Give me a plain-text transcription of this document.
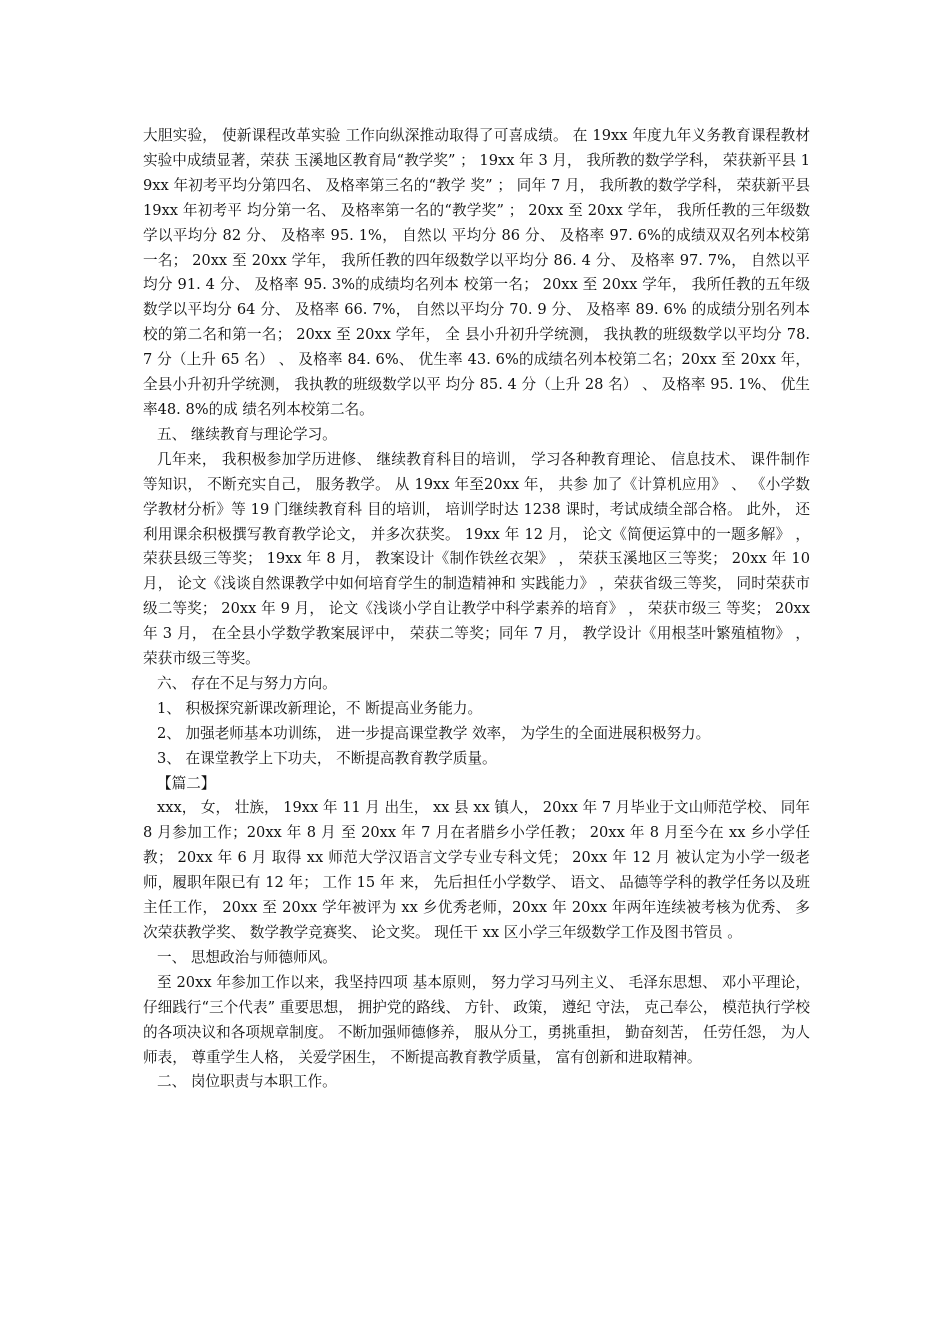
大胆实验， 使新课程改革实验 工作向纵深推动取得了可喜成绩。 在 19xx 年度九年义务教育课程教材实验中成绩显著，荣获 玉溪地区教育局“教学奖” ； 19xx 年 3 月， 我所教的数学学科， 荣获新平县 19xx 年初考平均分第四名、 及格率第三名的“教学 奖” ； 同年 7 月， 我所教的数学学科， 荣获新平县 19xx 年初考平 均分第一名、 及格率第一名的“教学奖” ； 20xx 至 20xx 学年， 我所任教的三年级数学以平均分 82 分、 及格率 95. 1%， 自然以 平均分 86 分、 及格率 97. 6%的成绩双双名列本校第一名； 20xx 至 20xx 学年， 我所任教的四年级数学以平均分 86. 4 分、 及格率 97. 7%， 自然以平均分 91. 4 分、 及格率 95. 3%的成绩均名列本 校第一名； 20xx 至 20xx 学年， 我所任教的五年级数学以平均分 64 分、 及格率 66. 7%， 自然以平均分 70. 9 分、 及格率 89. 6% 的成绩分别名列本校的第二名和第一名； 20xx 至 20xx 学年， 全 县小升初升学统测， 我执教的班级数学以平均分 78. 7 分（上升 65 名） 、 及格率 84. 6%、 优生率 43. 6%的成绩名列本校第二名；20xx 至 20xx 年， 全县小升初升学统测， 我执教的班级数学以平 均分 85. 4 分（上升 28 名） 、 及格率 95. 1%、 优生率48. 8%的成 绩名列本校第二名。

五、 继续教育与理论学习。

几年来， 我积极参加学历进修、 继续教育科目的培训， 学习各种教育理论、 信息技术、 课件制作 等知识， 不断充实自己， 服务教学。 从 19xx 年至20xx 年， 共参 加了《计算机应用》 、 《小学数学教材分析》等 19 门继续教育科 目的培训， 培训学时达 1238 课时，考试成绩全部合格。 此外， 还利用课余积极撰写教育教学论文， 并多次获奖。 19xx 年 12 月， 论文《简便运算中的一题多解》 ， 荣获县级三等奖； 19xx 年 8 月， 教案设计《制作铁丝衣架》 ， 荣获玉溪地区三等奖； 20xx 年 10 月， 论文《浅谈自然课教学中如何培育学生的制造精神和 实践能力》 ，荣获省级三等奖， 同时荣获市级二等奖； 20xx 年 9 月， 论文《浅谈小学自让教学中科学素养的培育》 ， 荣获市级三 等奖； 20xx 年 3 月， 在全县小学数学教案展评中， 荣获二等奖；同年 7 月， 教学设计《用根茎叶繁殖植物》 ， 荣获市级三等奖。

六、 存在不足与努力方向。

1、 积极探究新课改新理论，不 断提高业务能力。

2、 加强老师基本功训练， 进一步提高课堂教学 效率， 为学生的全面进展积极努力。

3、 在课堂教学上下功夫， 不断提高教育教学质量。

【篇二】

xxx， 女， 壮族， 19xx 年 11 月 出生， xx 县 xx 镇人， 20xx 年 7 月毕业于文山师范学校、 同年 8 月参加工作；20xx 年 8 月 至 20xx 年 7 月在者腊乡小学任教； 20xx 年 8 月至今在 xx 乡小学任教； 20xx 年 6 月 取得 xx 师范大学汉语言文学专业专科文凭； 20xx 年 12 月 被认定为小学一级老师，履职年限已有 12 年； 工作 15 年 来， 先后担任小学数学、 语文、 品德等学科的教学任务以及班主任工作， 20xx 至 20xx 学年被评为 xx 乡优秀老师，20xx 年 20xx 年两年连续被考核为优秀、 多次荣获教学奖、 数学教学竞赛奖、 论文奖。 现任干 xx 区小学三年级数学工作及图书管员 。

一、 思想政治与师德师风。

至 20xx 年参加工作以来，我坚持四项 基本原则， 努力学习马列主义、 毛泽东思想、 邓小平理论， 仔细践行“三个代表” 重要思想， 拥护党的路线、 方针、 政策， 遵纪 守法， 克己奉公， 模范执行学校的各项决议和各项规章制度。 不断加强师德修养， 服从分工，勇挑重担， 勤奋刻苦， 任劳任怨， 为人师表， 尊重学生人格， 关爱学困生， 不断提高教育教学质量， 富有创新和进取精神。

二、 岗位职责与本职工作。
